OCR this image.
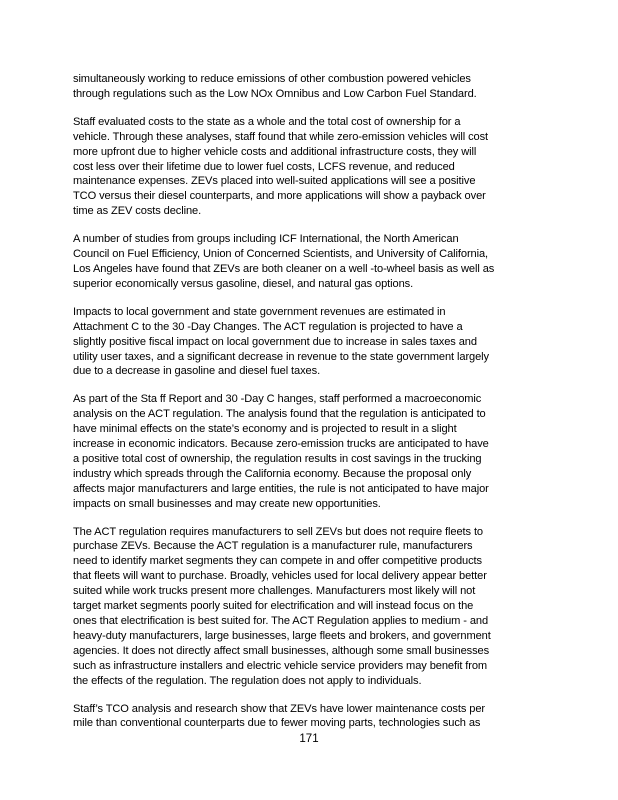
simultaneously working to reduce emissions of other combustion powered vehicles
through regulations such as the Low NOx Omnibus and Low Carbon Fuel Standard.

Staff evaluated costs to the state as a whole and the total cost of ownership for a
vehicle. Through these analyses, staff found that while zero-emission vehicles will cost
more upfront due to higher vehicle costs and additional infrastructure costs, they will
cost less over their lifetime due to lower fuel costs, LCFS revenue, and reduced
maintenance expenses. ZEVs placed into well-suited applications will see a positive
TCO versus their diesel counterparts, and more applications will show a payback over
time as ZEV costs decline.

A number of studies from groups including ICF International, the North American
Council on Fuel Efficiency, Union of Concerned Scientists, and University of California,
Los Angeles have found that ZEVs are both cleaner on a well -to-wheel basis as well as
superior economically versus gasoline, diesel, and natural gas options.

Impacts to local government and state government revenues are estimated in
Attachment C to the 30 -Day Changes. The ACT regulation is projected to have a
slightly positive fiscal impact on local government due to increase in sales taxes and
utility user taxes, and a significant decrease in revenue to the state government largely
due to a decrease in gasoline and diesel fuel taxes.

As part of the Sta ff Report and 30 -Day C hanges, staff performed a macroeconomic
analysis on the ACT regulation. The analysis found that the regulation is anticipated to
have minimal effects on the state’s economy and is projected to result in a slight
increase in economic indicators. Because zero-emission trucks are anticipated to have
a positive total cost of ownership, the regulation results in cost savings in the trucking
industry which spreads through the California economy. Because the proposal only
affects major manufacturers and large entities, the rule is not anticipated to have major
impacts on small businesses and may create new opportunities.

The ACT regulation requires manufacturers to sell ZEVs but does not require fleets to
purchase ZEVs. Because the ACT regulation is a manufacturer rule, manufacturers
need to identify market segments they can compete in and offer competitive products
that fleets will want to purchase. Broadly, vehicles used for local delivery appear better
suited while work trucks present more challenges. Manufacturers most likely will not
target market segments poorly suited for electrification and will instead focus on the
ones that electrification is best suited for. The ACT Regulation applies to medium - and
heavy-duty manufacturers, large businesses, large fleets and brokers, and government
agencies. It does not directly affect small businesses, although some small businesses
such as infrastructure installers and electric vehicle service providers may benefit from
the effects of the regulation. The regulation does not apply to individuals.

Staff’s TCO analysis and research show that ZEVs have lower maintenance costs per
mile than conventional counterparts due to fewer moving parts, technologies such as

171
